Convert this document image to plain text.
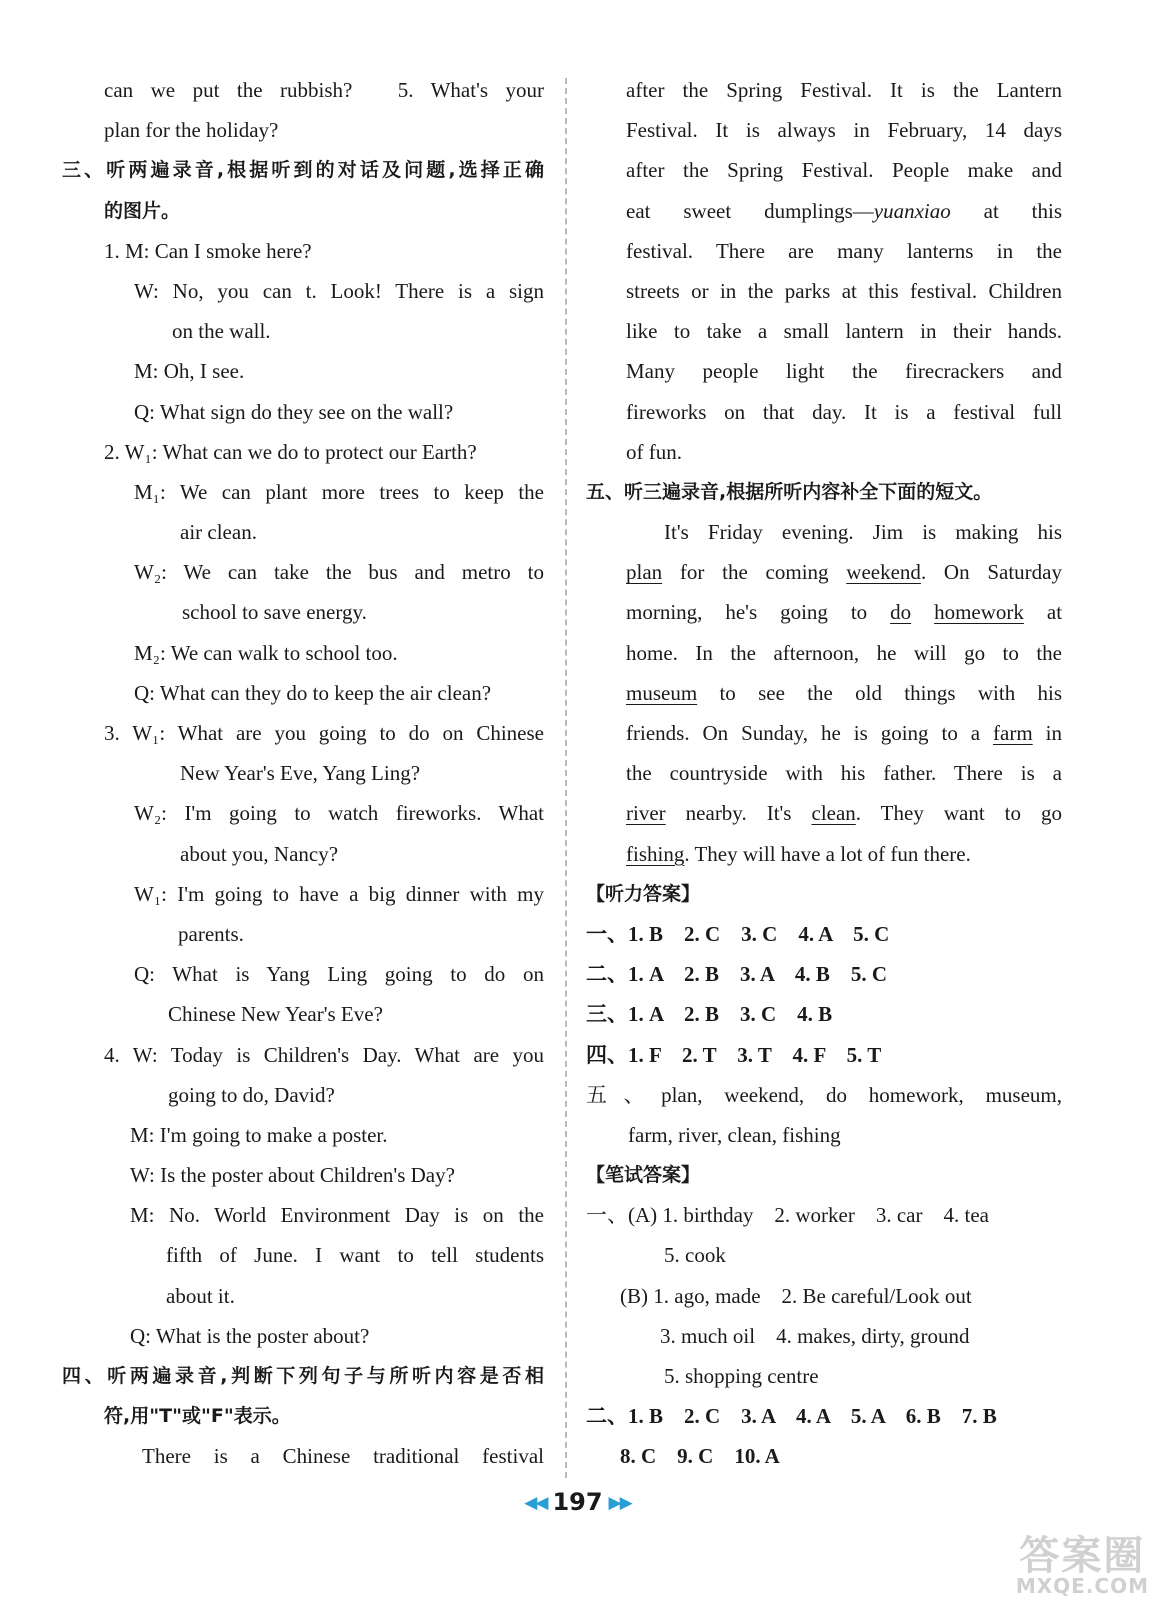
can we put the rubbish?　5. What's your
plan for the holiday?
三、听两遍录音,根据听到的对话及问题,选择正确
的图片。
1. M: Can I smoke here?
W: No, you can t. Look! There is a sign
on the wall.
M: Oh, I see.
Q: What sign do they see on the wall?
2. W₁: What can we do to protect our Earth?
M₁: We can plant more trees to keep the
air clean.
W₂: We can take the bus and metro to
school to save energy.
M₂: We can walk to school too.
Q: What can they do to keep the air clean?
3. W₁: What are you going to do on Chinese
New Year's Eve, Yang Ling?
W₂: I'm going to watch fireworks. What
about you, Nancy?
W₁: I'm going to have a big dinner with my
parents.
Q: What is Yang Ling going to do on
Chinese New Year's Eve?
4. W: Today is Children's Day. What are you
going to do, David?
M: I'm going to make a poster.
W: Is the poster about Children's Day?
M: No. World Environment Day is on the
fifth of June. I want to tell students
about it.
Q: What is the poster about?
四、听两遍录音,判断下列句子与所听内容是否相
符,用"T"或"F"表示。
There is a Chinese traditional festival
after the Spring Festival. It is the Lantern
Festival. It is always in February, 14 days
after the Spring Festival. People make and
eat sweet dumplings—yuanxiao at this
festival. There are many lanterns in the
streets or in the parks at this festival. Children
like to take a small lantern in their hands.
Many people light the firecrackers and
fireworks on that day. It is a festival full
of fun.
五、听三遍录音,根据所听内容补全下面的短文。
It's Friday evening. Jim is making his
plan for the coming weekend. On Saturday
morning, he's going to do homework at
home. In the afternoon, he will go to the
museum to see the old things with his
friends. On Sunday, he is going to a farm in
the countryside with his father. There is a
river nearby. It's clean. They want to go
fishing. They will have a lot of fun there.
【听力答案】
一、1. B　2. C　3. C　4. A　5. C
二、1. A　2. B　3. A　4. B　5. C
三、1. A　2. B　3. C　4. B
四、1. F　2. T　3. T　4. F　5. T
五、plan, weekend, do homework, museum,
farm, river, clean, fishing
【笔试答案】
一、(A) 1. birthday　2. worker　3. car　4. tea
5. cook
(B) 1. ago, made　2. Be careful/Look out
3. much oil　4. makes, dirty, ground
5. shopping centre
二、1. B　2. C　3. A　4. A　5. A　6. B　7. B
8. C　9. C　10. A
◀◀ 197 ▶▶
答案圈
MXQE.COM
